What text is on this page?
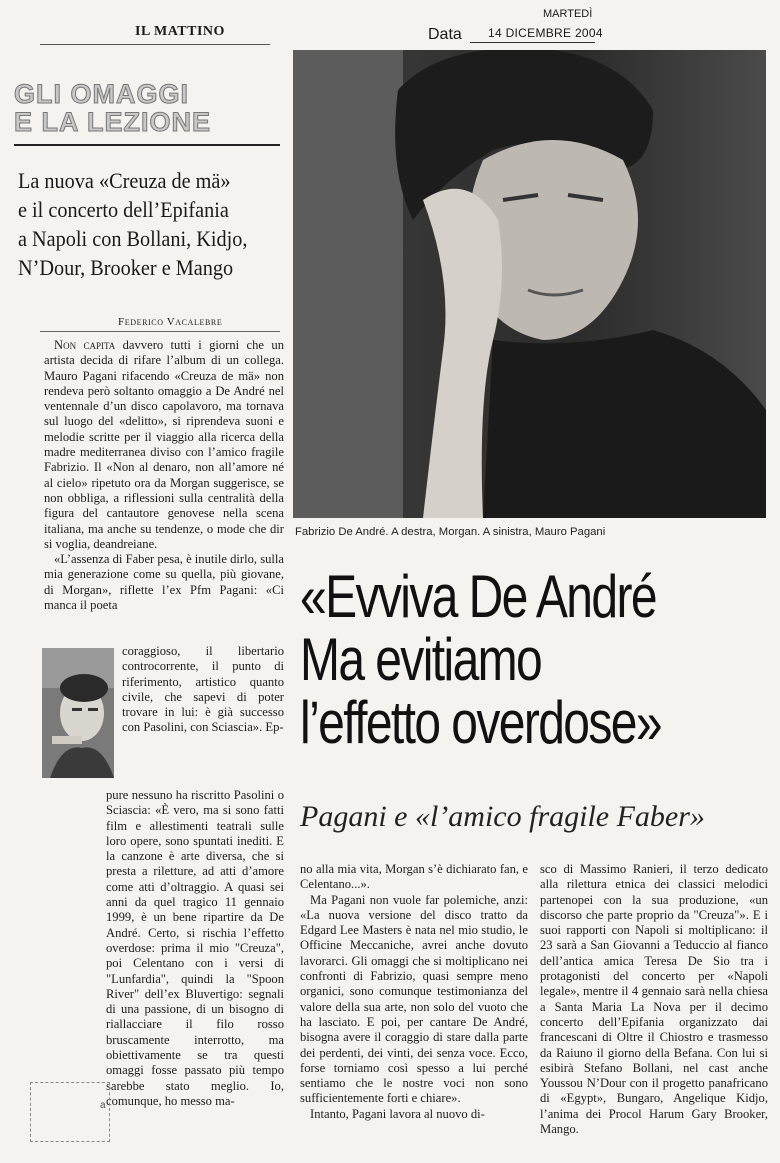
IL MATTINO	Data
MARTEDÌ
14 DICEMBRE 2004
GLI OMAGGI
E LA LEZIONE
La nuova «Creuza de mä»
e il concerto dell’Epifania
a Napoli con Bollani, Kidjo,
N’Dour, Brooker e Mango
Federico Vacalebre

Non capita davvero tutti i giorni che un artista decida di rifare l’album di un collega. Mauro Pagani rifacendo «Creuza de mä» non rendeva però soltanto omaggio a De André nel ventennale d’un disco capolavoro, ma tornava sul luogo del «delitto», si riprendeva suoni e melodie scritte per il viaggio alla ricerca della madre mediterranea diviso con l’amico fragile Fabrizio. Il «Non al denaro, non all’amore né al cielo» ripetuto ora da Morgan suggerisce, se non obbliga, a riflessioni sulla centralità della figura del cantautore genovese nella scena italiana, ma anche su tendenze, o mode che dir si voglia, deandreiane.

«L’assenza di Faber pesa, è inutile dirlo, sulla mia generazione come su quella, più giovane, di Morgan», riflette l’ex Pfm Pagani: «Ci manca il poeta

coraggioso, il libertario controcorrente, il punto di riferimento, artistico quanto civile, che sapevi di poter trovare in lui: è già successo con Pasolini, con Sciascia». Ep-
pure nessuno ha riscritto Pasolini o Sciascia: «È vero, ma si sono fatti film e allestimenti teatrali sulle loro opere, sono spuntati inediti. E la canzone è arte diversa, che si presta a riletture, ad atti d’amore come atti d’oltraggio. A quasi sei anni da quel tragico 11 gennaio 1999, è un bene ripartire da De André. Certo, si rischia l’effetto overdose: prima il mio "Creuza", poi Celentano con i versi di "Lunfardia", quindi la "Spoon River" dell’ex Bluvertigo: segnali di una passione, di un bisogno di riallacciare il filo rosso bruscamente interrotto, ma obiettivamente se tra questi omaggi fosse passato più tempo sarebbe stato meglio. Io, comunque, ho messo ma-
Fabrizio De André. A destra, Morgan. A sinistra, Mauro Pagani
«Evviva De André
Ma evitiamo
l’effetto overdose»
Pagani e «l’amico fragile Faber»

no alla mia vita, Morgan s’è dichiarato fan, e Celentano...».

Ma Pagani non vuole far polemiche, anzi: «La nuova versione del disco tratto da Edgard Lee Masters è nata nel mio studio, le Officine Meccaniche, avrei anche dovuto lavorarci. Gli omaggi che si moltiplicano nei confronti di Fabrizio, quasi sempre meno organici, sono comunque testimonianza del valore della sua arte, non solo del vuoto che ha lasciato. E poi, per cantare De André, bisogna avere il coraggio di stare dalla parte dei perdenti, dei vinti, dei senza voce. Ecco, forse torniamo così spesso a lui perché sentiamo che le nostre voci non sono sufficientemente forti e chiare».

Intanto, Pagani lavora al nuovo di-

sco di Massimo Ranieri, il terzo dedicato alla rilettura etnica dei classici melodici partenopei con la sua produzione, «un discorso che parte proprio da "Creuza"». E i suoi rapporti con Napoli si moltiplicano: il 23 sarà a San Giovanni a Teduccio al fianco dell’antica amica Teresa De Sio tra i protagonisti del concerto per «Napoli legale», mentre il 4 gennaio sarà nella chiesa a Santa Maria La Nova per il decimo concerto dell’Epifania organizzato dai francescani di Oltre il Chiostro e trasmesso da Raiuno il giorno della Befana. Con lui si esibirà Stefano Bollani, nel cast anche Youssou N’Dour con il progetto panafricano di «Egypt», Bungaro, Angelique Kidjo, l’anima dei Procol Harum Gary Brooker, Mango.

a
